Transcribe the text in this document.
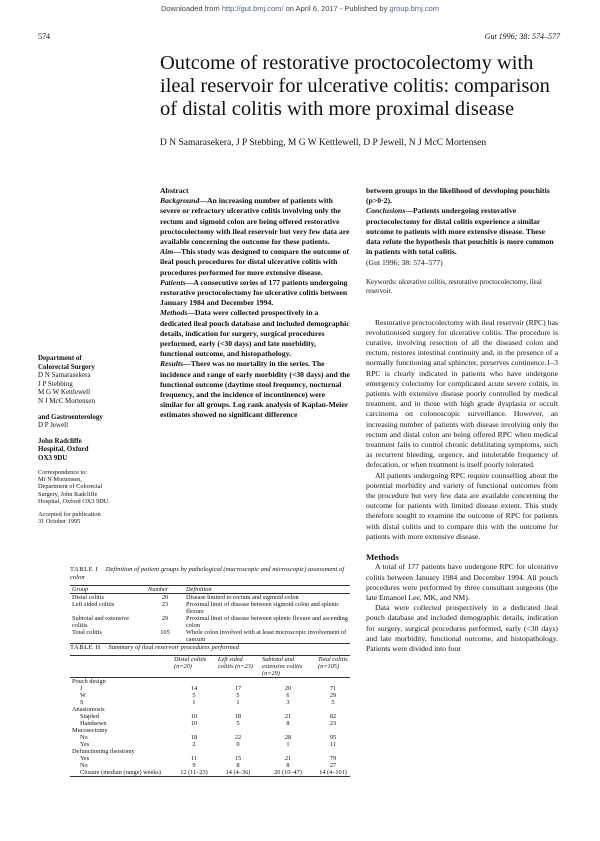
Downloaded from http://gut.bmj.com/ on April 6, 2017 - Published by group.bmj.com
574	Gut 1996; 38: 574–577
Outcome of restorative proctocolectomy with ileal reservoir for ulcerative colitis: comparison of distal colitis with more proximal disease
D N Samarasekera, J P Stebbing, M G W Kettlewell, D P Jewell, N J McC Mortensen

Abstract

Background—An increasing number of patients with severe or refractory ulcerative colitis involving only the rectum and sigmoid colon are being offered restorative proctocolectomy with ileal reservoir but very few data are available concerning the outcome for these patients.

Aim—This study was designed to compare the outcome of ileal pouch procedures for distal ulcerative colitis with procedures performed for more extensive disease.

Patients—A consecutive series of 177 patients undergoing restorative proctocolectomy for ulcerative colitis between January 1984 and December 1994.

Methods—Data were collected prospectively in a dedicated ileal pouch database and included demographic details, indication for surgery, surgical procedures performed, early (<30 days) and late morbidity, functional outcome, and histopathology.

Results—There was no mortality in the series. The incidence and range of early morbidity (<30 days) and the functional outcome (daytime stool frequency, nocturnal frequency, and the incidence of incontinence) were similar for all groups. Log rank analysis of Kaplan-Meier estimates showed no significant difference

between groups in the likelihood of developing pouchitis (p>0·2).

Conclusions—Patients undergoing restorative proctocolectomy for distal colitis experience a similar outcome to patients with more extensive disease. These data refute the hypothesis that pouchitis is more common in patients with total colitis.

(Gut 1996; 38: 574–577)

Keywords: ulcerative colitis, restorative proctocolectomy, ileal reservoir.

Restorative proctocolectomy with ileal reservoir (RPC) has revolutionised surgery for ulcerative colitis. The procedure is curative, involving resection of all the diseased colon and rectum, restores intestinal continuity and, in the presence of a normally functioning anal sphincter, preserves continence.1–3 RPC is clearly indicated in patients who have undergone emergency colectomy for complicated acute severe colitis, in patients with extensive disease poorly controlled by medical treatment, and in those with high grade dysplasia or occult carcinoma on colonoscopic surveillance. However, an increasing number of patients with disease involving only the rectum and distal colon are being offered RPC when medical treatment fails to control chronic debilitating symptoms, such as recurrent bleeding, urgency, and intolerable frequency of defecation, or when treatment is itself poorly tolerated.

All patients undergoing RPC require counselling about the potential morbidity and variety of functional outcomes from the procedure but very few data are available concerning the outcome for patients with limited disease extent. This study therefore sought to examine the outcome of RPC for patients with distal colitis and to compare this with the outcome for patients with more extensive disease.

Methods

A total of 177 patients have undergone RPC for ulcerative colitis between January 1984 and December 1994. All pouch procedures were performed by three consultant surgeons (the late Emanoel Lee, MK, and NM).

Data were collected prospectively in a dedicated ileal pouch database and included demographic details, indication for surgery, surgical procedures performed, early (<30 days) and late morbidity, functional outcome, and histopathology. Patients were divided into four

Department of
Colorectal Surgery

D N Samarasekera
J P Stebbing
M G W Kettlewell
N J McC Mortensen

and Gastroenterology

D P Jewell

John Radcliffe
Hospital, Oxford
OX3 9DU

Correspondence to:
Mr N Mortensen,
Department of Colorectal
Surgery, John Radcliffe
Hospital, Oxford OX3 9DU.

Accepted for publication
31 October 1995

TABLE I Definition of patient groups by pathological (macroscopic and microscopic) assessment of colon
Group	Number	Definition
Distal colitis	20	Disease limited to rectum and sigmoid colon
Left sided colitis	23	Proximal limit of disease between sigmoid colon and splenic flexure
Subtotal and extensive colitis	29	Proximal limit of disease between splenic flexure and ascending colon
Total colitis	105	Whole colon involved with at least microscopic involvement of caecum
TABLE II Summary of ileal reservoir procedures performed
	Distal colitis (n=20)	Left sided colitis (n=23)	Subtotal and extensive colitis (n=29)	Total colitis (n=105)
Pouch design				
J	14	17	20	71
W	5	5	6	29
S	1	1	3	5
Anastomosis				
Stapled	10	18	21	82
Handsewn	10	5	8	23
Mucosectomy				
No	18	22	28	95
Yes	2	0	1	11
Defunctioning ileostomy				
Yes	11	15	21	79
No	9	8	8	27
Closure (median (range) weeks)	12 (11–23)	14 (4–36)	20 (10–47)	14 (4–101)
